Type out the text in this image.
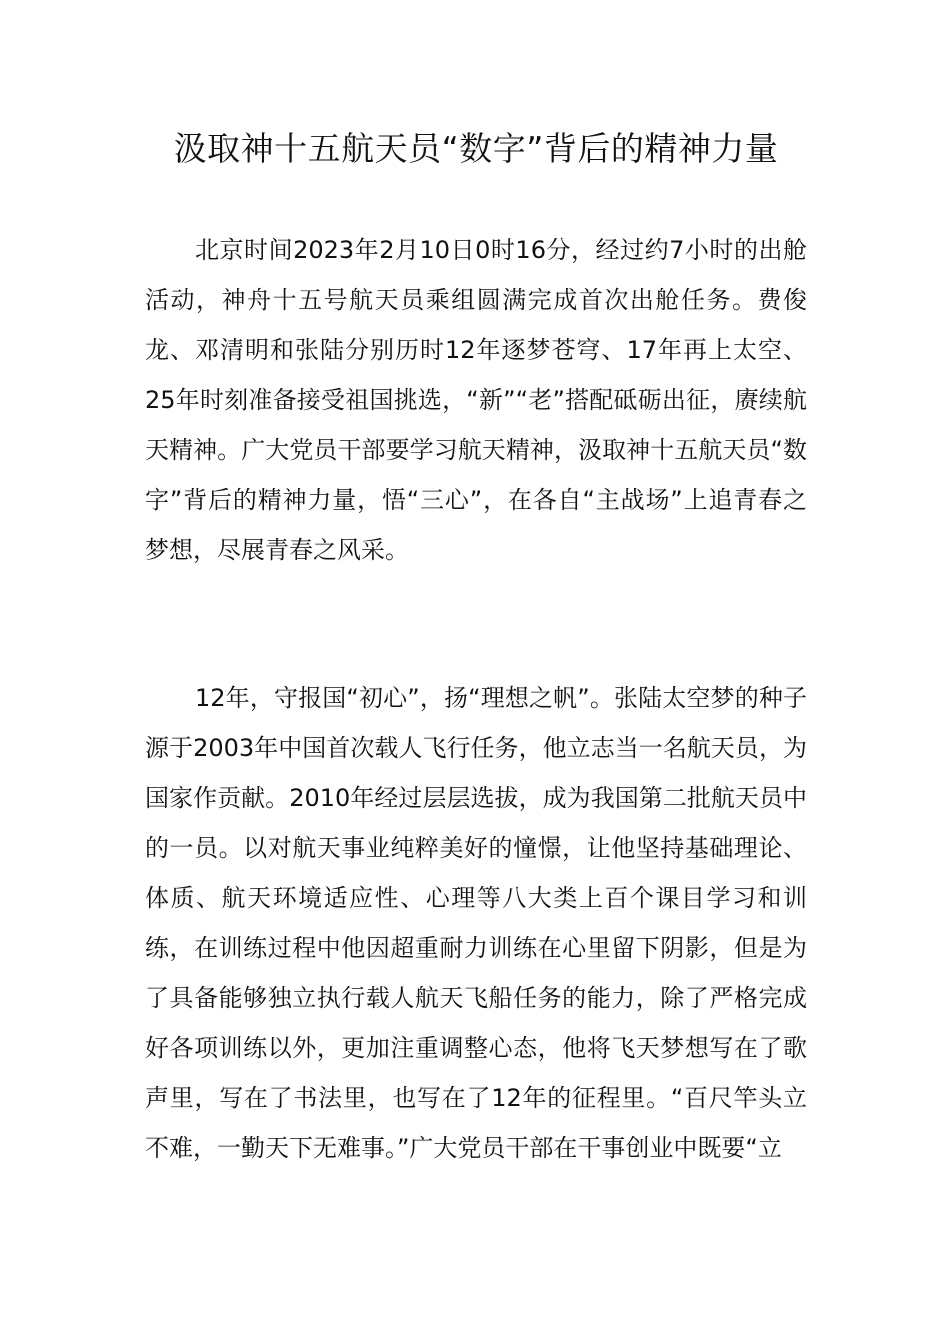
汲取神十五航天员“数字”背后的精神力量

北京时间2023年2月10日0时16分，经过约7小时的出舱活动，神舟十五号航天员乘组圆满完成首次出舱任务。费俊龙、邓清明和张陆分别历时12年逐梦苍穹、17年再上太空、25年时刻准备接受祖国挑选，“新”“老”搭配砥砺出征，赓续航天精神。广大党员干部要学习航天精神，汲取神十五航天员“数字”背后的精神力量，悟“三心”，在各自“主战场”上追青春之梦想，尽展青春之风采。

12年，守报国“初心”，扬“理想之帆”。张陆太空梦的种子源于2003年中国首次载人飞行任务，他立志当一名航天员，为国家作贡献。2010年经过层层选拔，成为我国第二批航天员中的一员。以对航天事业纯粹美好的憧憬，让他坚持基础理论、体质、航天环境适应性、心理等八大类上百个课目学习和训练，在训练过程中他因超重耐力训练在心里留下阴影，但是为了具备能够独立执行载人航天飞船任务的能力，除了严格完成好各项训练以外，更加注重调整心态，他将飞天梦想写在了歌声里，写在了书法里，也写在了12年的征程里。“百尺竿头立不难，一勤天下无难事。”广大党员干部在干事创业中既要“立
